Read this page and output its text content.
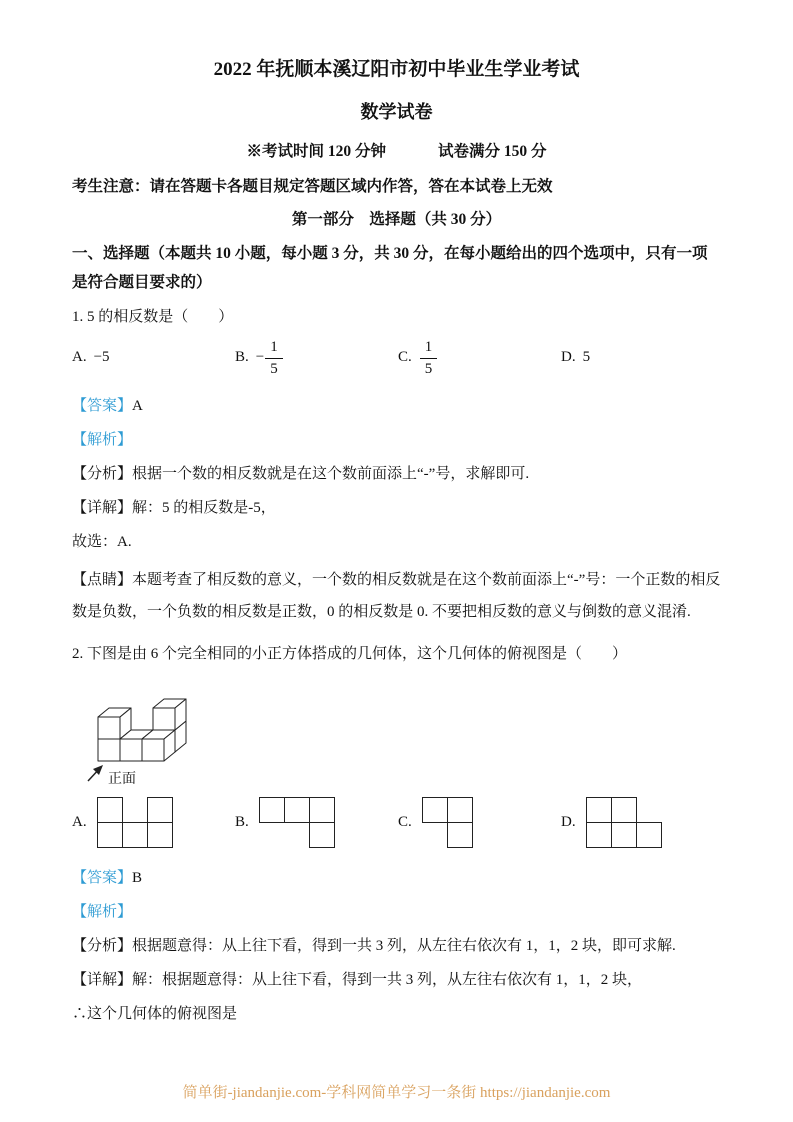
2022 年抚顺本溪辽阳市初中毕业生学业考试
数学试卷
※考试时间 120 分钟	试卷满分 150 分
考生注意：请在答题卡各题目规定答题区域内作答，答在本试卷上无效
第一部分　选择题（共 30 分）
一、选择题（本题共 10 小题，每小题 3 分，共 30 分，在每小题给出的四个选项中，只有一项是符合题目要求的）
1. 5 的相反数是（　　）
A. −5	B. − $\frac{1}{5}$	C. $\frac{1}{5}$	D. 5
【答案】A
【解析】
【分析】根据一个数的相反数就是在这个数前面添上“-”号，求解即可.
【详解】解：5 的相反数是-5，
故选：A.
【点睛】本题考查了相反数的意义，一个数的相反数就是在这个数前面添上“-”号：一个正数的相反数是负数，一个负数的相反数是正数，0 的相反数是 0. 不要把相反数的意义与倒数的意义混淆.
2. 下图是由 6 个完全相同的小正方体搭成的几何体，这个几何体的俯视图是（　　）
正面
A.	B.	C.	D.
【答案】B
【解析】
【分析】根据题意得：从上往下看，得到一共 3 列，从左往右依次有 1，1，2 块，即可求解.
【详解】解：根据题意得：从上往下看，得到一共 3 列，从左往右依次有 1，1，2 块，
∴这个几何体的俯视图是
简单街-jiandanjie.com-学科网简单学习一条街 https://jiandanjie.com
